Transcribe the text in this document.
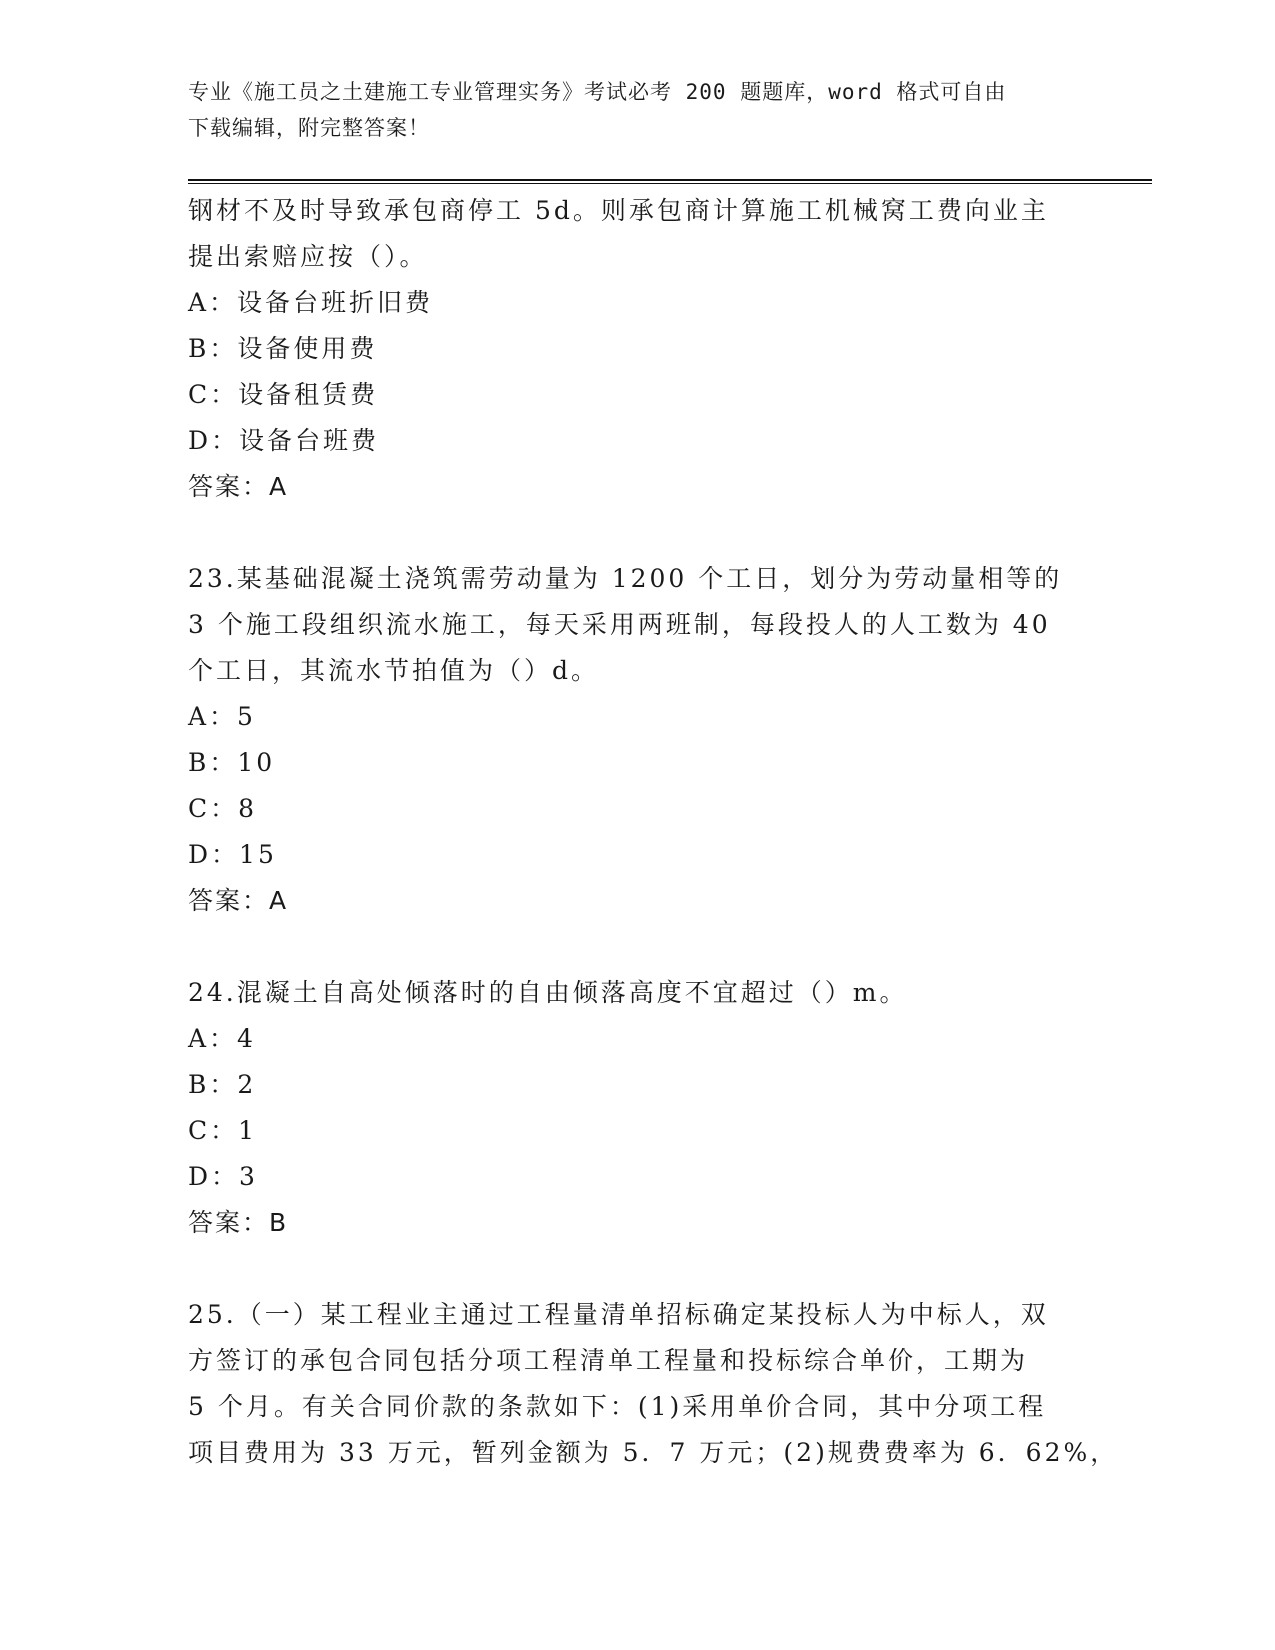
专业《施工员之土建施工专业管理实务》考试必考 200 题题库，word 格式可自由
下载编辑，附完整答案！
钢材不及时导致承包商停工 5d。则承包商计算施工机械窝工费向业主
提出索赔应按（）。
A：设备台班折旧费
B：设备使用费
C：设备租赁费
D：设备台班费
答案：A
23.某基础混凝土浇筑需劳动量为 1200 个工日，划分为劳动量相等的
3 个施工段组织流水施工，每天采用两班制，每段投人的人工数为 40
个工日，其流水节拍值为（）d。
A：5
B：10
C：8
D：15
答案：A
24.混凝土自高处倾落时的自由倾落高度不宜超过（）m。
A：4
B：2
C：1
D：3
答案：B
25.（一）某工程业主通过工程量清单招标确定某投标人为中标人，双
方签订的承包合同包括分项工程清单工程量和投标综合单价，工期为
5 个月。有关合同价款的条款如下：(1)采用单价合同，其中分项工程
项目费用为 33 万元，暂列金额为 5．7 万元；(2)规费费率为 6．62%，
